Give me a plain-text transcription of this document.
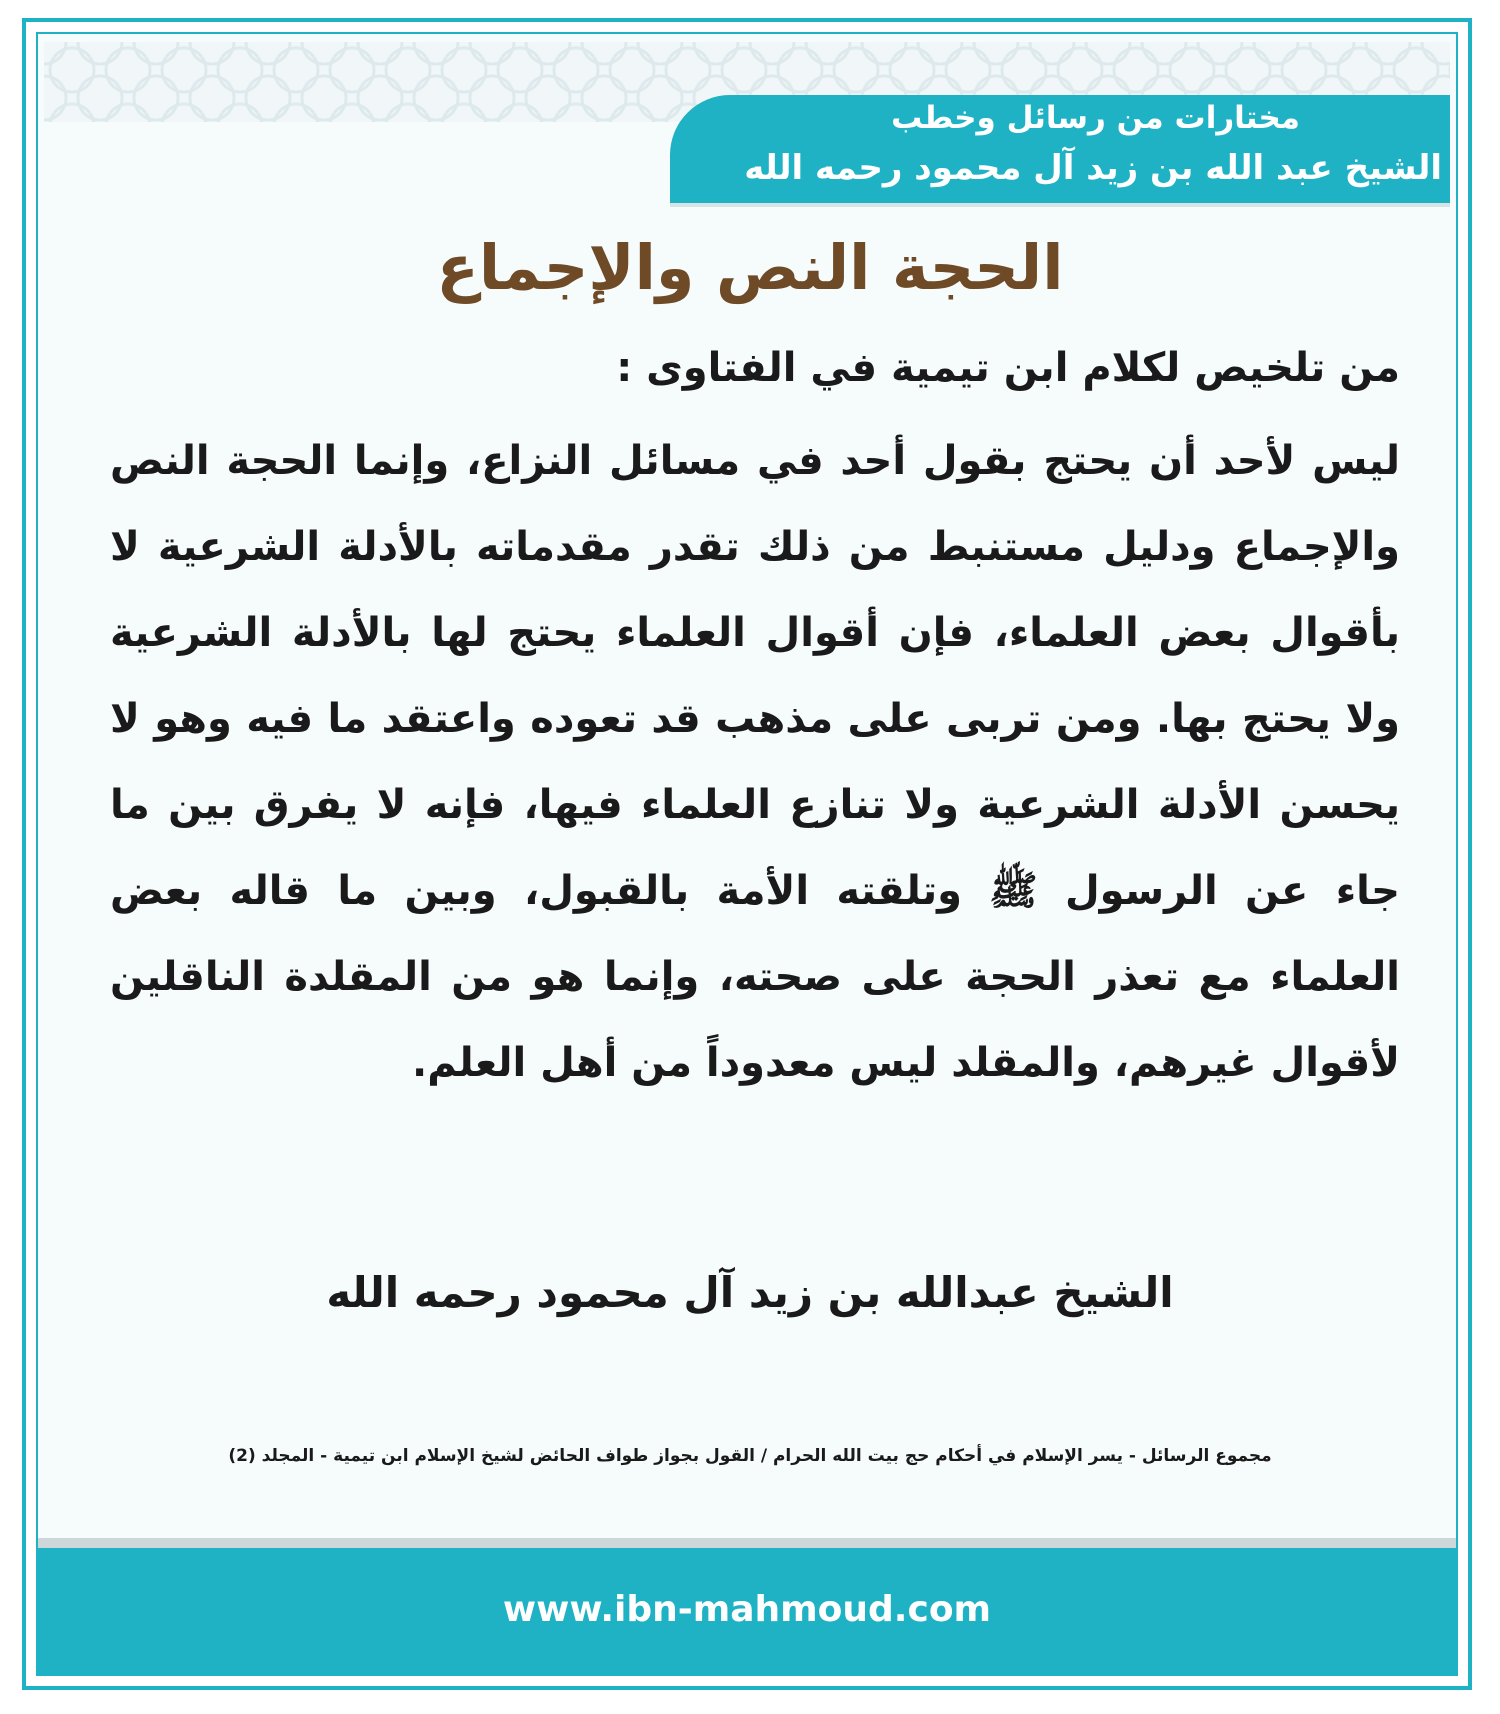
مختارات من رسائل وخطب
الشيخ عبد الله بن زيد آل محمود رحمه الله
الحجة النص والإجماع
من تلخيص لكلام ابن تيمية في الفتاوى :
ليس لأحد أن يحتج بقول أحد في مسائل النزاع، وإنما الحجة النص والإجماع ودليل مستنبط من ذلك تقدر مقدماته بالأدلة الشرعية لا بأقوال بعض العلماء، فإن أقوال العلماء يحتج لها بالأدلة الشرعية ولا يحتج بها. ومن تربى على مذهب قد تعوده واعتقد ما فيه وهو لا يحسن الأدلة الشرعية ولا تنازع العلماء فيها، فإنه لا يفرق بين ما جاء عن الرسول ﷺ وتلقته الأمة بالقبول، وبين ما قاله بعض العلماء مع تعذر الحجة على صحته، وإنما هو من المقلدة الناقلين لأقوال غيرهم، والمقلد ليس معدوداً من أهل العلم.
الشيخ عبدالله بن زيد آل محمود رحمه الله
مجموع الرسائل - يسر الإسلام في أحكام حج بيت الله الحرام / القول بجواز طواف الحائض لشيخ الإسلام ابن تيمية - المجلد (2)
www.ibn-mahmoud.com
